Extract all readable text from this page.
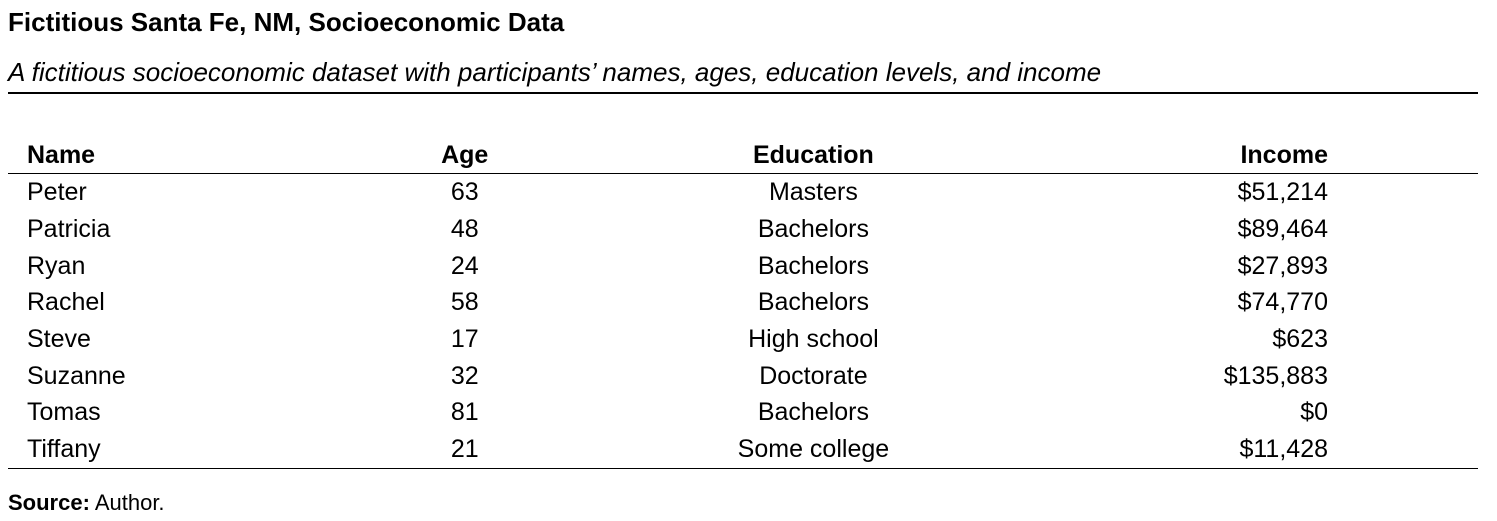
Fictitious Santa Fe, NM, Socioeconomic Data
A fictitious socioeconomic dataset with participants’ names, ages, education levels, and income
Name	Age	Education	Income
Peter	63	Masters	$51,214
Patricia	48	Bachelors	$89,464
Ryan	24	Bachelors	$27,893
Rachel	58	Bachelors	$74,770
Steve	17	High school	$623
Suzanne	32	Doctorate	$135,883
Tomas	81	Bachelors	$0
Tiffany	21	Some college	$11,428
Source: Author.
